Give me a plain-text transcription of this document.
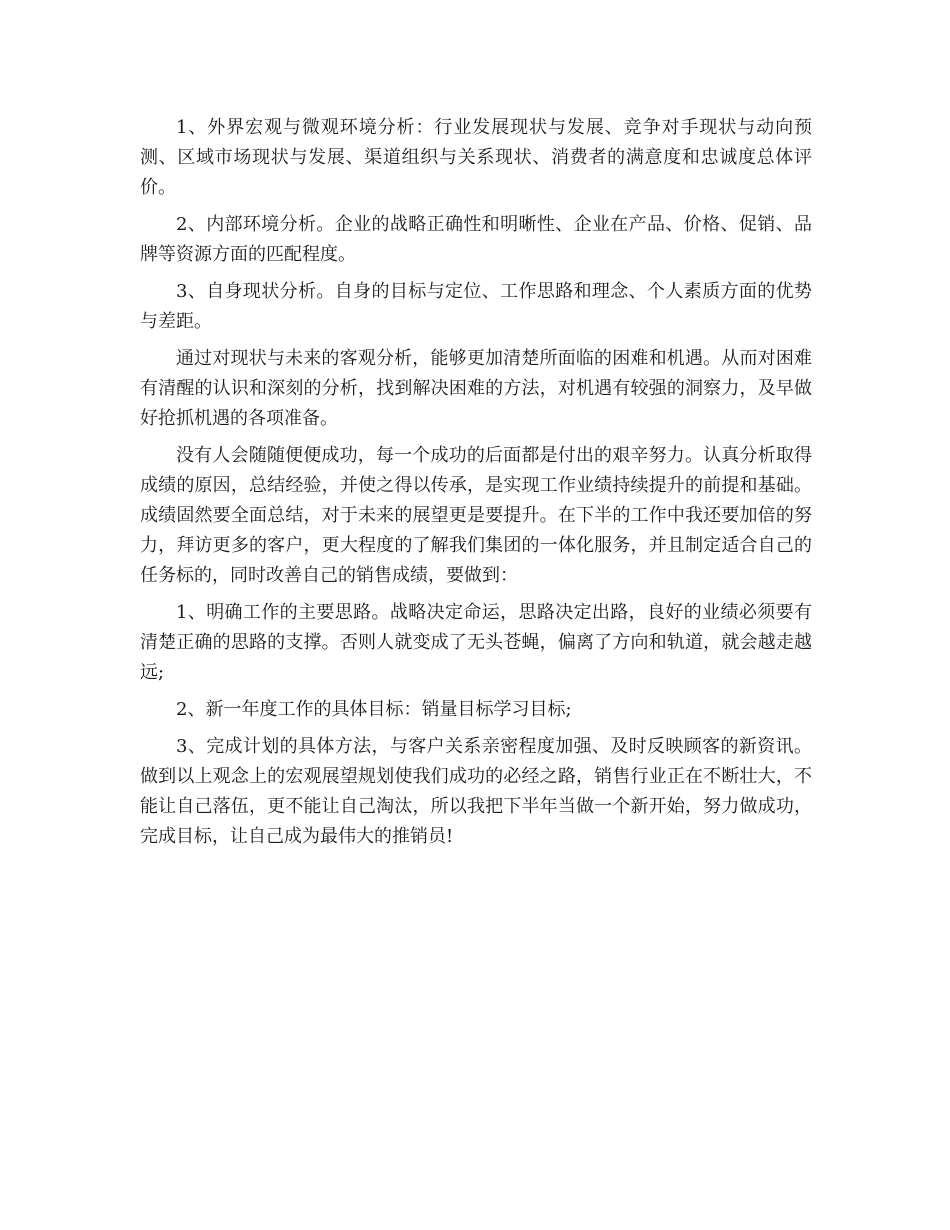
1、外界宏观与微观环境分析：行业发展现状与发展、竞争对手现状与动向预测、区域市场现状与发展、渠道组织与关系现状、消费者的满意度和忠诚度总体评价。

2、内部环境分析。企业的战略正确性和明晰性、企业在产品、价格、促销、品牌等资源方面的匹配程度。

3、自身现状分析。自身的目标与定位、工作思路和理念、个人素质方面的优势与差距。

通过对现状与未来的客观分析，能够更加清楚所面临的困难和机遇。从而对困难有清醒的认识和深刻的分析，找到解决困难的方法，对机遇有较强的洞察力，及早做好抢抓机遇的各项准备。

没有人会随随便便成功，每一个成功的后面都是付出的艰辛努力。认真分析取得成绩的原因，总结经验，并使之得以传承，是实现工作业绩持续提升的前提和基础。成绩固然要全面总结，对于未来的展望更是要提升。在下半的工作中我还要加倍的努力，拜访更多的客户，更大程度的了解我们集团的一体化服务，并且制定适合自己的任务标的，同时改善自己的销售成绩，要做到：

1、明确工作的主要思路。战略决定命运，思路决定出路，良好的业绩必须要有清楚正确的思路的支撑。否则人就变成了无头苍蝇，偏离了方向和轨道，就会越走越远;

2、新一年度工作的具体目标：销量目标学习目标;

3、完成计划的具体方法，与客户关系亲密程度加强、及时反映顾客的新资讯。做到以上观念上的宏观展望规划使我们成功的必经之路，销售行业正在不断壮大，不能让自己落伍，更不能让自己淘汰，所以我把下半年当做一个新开始，努力做成功，完成目标，让自己成为最伟大的推销员!
